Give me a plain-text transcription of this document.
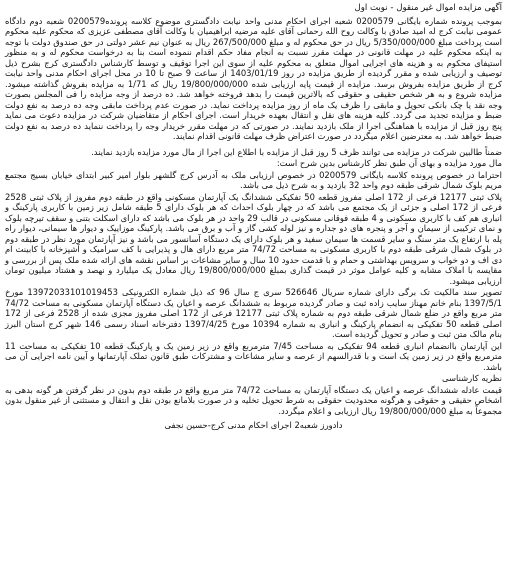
آگهی مزایده اموال غیر منقول - نوبت اول

بموجب پرونده شماره بایگانی 0200579 شعبه اجرای احکام مدنی واحد نیابت دادگستری موضوع کلاسه پرونده0200579 شعبه دوم دادگاه عمومی نیابت کرج له امید صادق با وکالت روح الله رحمانی آقای علیه مرضیه ابراهیمیان با وکالت آقای مصطفی عزیزی که محکوم علیه محکوم است پرداخت مبلغ 5/350/000/000 ریال در حق محکوم له و مبلغ 267/500/000 ریال به عنوان نیم عشر دولتی در حق صندوق دولت با توجه به اینکه محکوم علیه در مهلت قانونی در مهلت مقرر نسبت به انجام مفاد حکم اقدام ننموده است بنا به درخواست محکوم له و به منظور استیفای محکوم به و هزینه های اجرایی اموال متعلق به محکوم علیه از سوی این اجرا توقیف و توسط کارشناس دادگستری کرج بشرح ذیل توصیف و ارزیابی شده و مقرر گردیده از طریق مزایده در روز 1403/01/19 از ساعت 9 صبح تا 10 در محل اجرای احکام مدنی واحد نیابت کرج از طریق مزایده بفروش برسد. مزایده از قیمت پایه ارزیابی شده 19/800/000/000 ریال که 1/71 به مزایده بفروش گذاشته میشود. مزایده شروع و به هر شخص حقیقی و حقوقی که بالاترین قیمت را بدهد فروخته خواهد شد. ده درصد از وجه مزایده را فی المجلس بصورت وجه نقد یا چک بانکی تحویل و مابقی را ظرف یک ماه از روز مزایده پرداخت نماید. در صورت عدم پرداخت مابقی وجه ده درصد به نفع دولت ضبط و مزایده تجدید می گردد. کلیه هزینه های نقل و انتقال بعهده خریدار است. اجرای احکام از متقاضیان شرکت در مزایده دعوت می نماید پنج روز قبل از مزایده با هماهنگی اجرا از ملک بازدید نمایند. در صورتی که در مهلت مقرر خریدار وجه را پرداخت ننماید ده درصد به نفع دولت ضبط خواهد شد. به معترضین اعلام میگردد در صورت اعتراض ظرف مهلت قانونی اقدام نمایند.

ضمناً طالبین شرکت در مزایده می توانند ظرف 5 روز قبل از مزایده با اطلاع این اجرا از مال مورد مزایده بازدید نمایند.

مال مورد مزایده و بهای آن طبق نظر کارشناس بدین شرح است:

احتراما در خصوص پرونده کلاسه بایگانی 0200579 در خصوص ارزیابی ملک به آدرس کرج گلشهر بلوار امیر کبیر ابتدای خیابان بسیج مجتمع مریم بلوک شمال شرقی طبقه دوم واحد 32 بازدید و به شرح ذیل می باشد.

پلاک ثبتی 12177 فرعی از 172 اصلی مفروز قطعه 50 تفکیکی ششدانگ یک آپارتمان مسکونی واقع در طبقه دوم مفروز از پلاک ثبتی 2528 فرعی از 172 اصلی و جزئی از یک مجتمع می باشد که در چهار بلوک احداث که هر بلوک دارای 5 طبقه شامل زیر زمین با کاربری پارکینگ و انباری هم کف با کاربری مسکونی و 4 طبقه فوقانی مسکونی در قالب 29 واحد در هر بلوک می باشد که دارای اسکلت بتنی و سقف تیرچه بلوک و نمای ترکیبی از سیمان و آجر و پنجره های دو جداره و نیز لوله کشی گاز و آب و برق می باشد. پارکینگ موزاییک و دیوار ها سیمانی، دیوار راه پله با ارتفاع یک متر سنگ و سایر قسمت ها سیمان سفید و هر بلوک دارای یک دستگاه آسانسور می باشد و نیز آپارتمان مورد نظر در طبقه دوم در بلوک شمال شرقی طبقه دوم با کاربری مسکونی به مساحت 74/72 متر مربع دارای هال و پذیرایی با کف سرامیک و آشپزخانه با کابینت ام دی اف و دو خواب و سرویس بهداشتی و حمام و با قدمت حدود 10 سال و سایر مشاعات بر اساس نقشه های ارائه شده ملک پس از بررسی و مقایسه با املاک مشابه و کلیه عوامل موثر در قیمت گذاری بمبلغ 19/800/000/000 ریال معادل یک میلیارد و نهصد و هشتاد میلیون تومان ارزیابی میشود.

تصویر سند مالکیت تک برگی دارای شماره سریال 526646 سری ج سال 96 که ذیل شماره الکترونیکی 13972033101019453 مورخ 1397/5/1 بنام خانم مهناز سایب زاده ثبت و صادر گردیده مربوط به ششدانگ عرصه و اعیان یک دستگاه آپارتمان مسکونی به مساحت 74/72 متر مربع واقع در ضلع شمال شرقی طبقه دوم به شماره پلاک ثبتی 12177 فرعی از 172 اصلی مفروز مجزی شده از 2528 فرعی از 172 اصلی قطعه 50 تفکیکی به انضمام پارکینگ و انباری به شماره 10394 مورخ 1397/4/25 دفترخانه اسناد رسمی 146 شهر کرج استان البرز بنام مالک متن ثبت و صادر و تحویل گردیده است.

این آپارتمان باانضمام انباری قطعه 94 تفکیکی به مساحت 7/45 مترمربع واقع در زیر زمین یک و پارکینگ قطعه 10 تفکیکی به مساحت 11 مترمربع واقع در زیر زمین یک است و با قدرالسهم از عرصه و سایر مشاعات و مشترکات طبق قانون تملک آپارتمانها و آیین نامه اجرایی آن می باشد.

نظریه کارشناسی

قیمت عادله ششدانگ عرصه و اعیان یک دستگاه آپارتمان به مساحت 74/72 متر مربع واقع در طبقه دوم بدون در نظر گرفتن هر گونه بدهی به اشخاص حقیقی و حقوقی و هرگونه محدودیت حقوقی به شرط تحویل تخلیه و در صورت بلامانع بودن نقل و انتقال و مستثنی از غیر منقول بدون مجموعاً به مبلغ 19/800/000/000 ریال ارزیابی و اعلام میگردد.

دادورز شعبه2 اجرای احکام مدنی کرج-حسین نجفی
